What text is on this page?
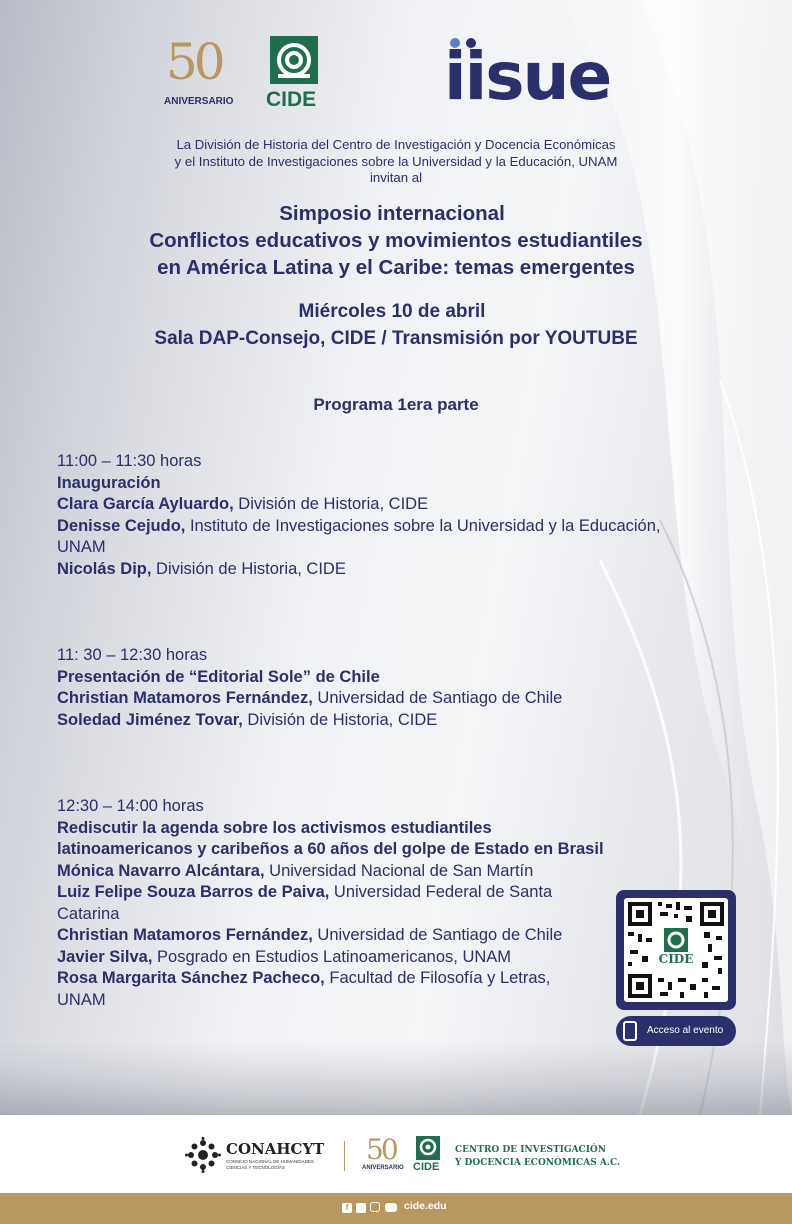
50
ANIVERSARIO CIDE iisue
La División de Historia del Centro de Investigación y Docencia Económicas
y el Instituto de Investigaciones sobre la Universidad y la Educación, UNAM
invitan al
Simposio internacional
Conflictos educativos y movimientos estudiantiles
en América Latina y el Caribe: temas emergentes
Miércoles 10 de abril
Sala DAP-Consejo, CIDE / Transmisión por YOUTUBE
Programa 1era parte
11:00 – 11:30 horas
Inauguración
Clara García Ayluardo, División de Historia, CIDE
Denisse Cejudo, Instituto de Investigaciones sobre la Universidad y la Educación, UNAM
Nicolás Dip, División de Historia, CIDE
11: 30 – 12:30 horas
Presentación de “Editorial Sole” de Chile
Christian Matamoros Fernández, Universidad de Santiago de Chile
Soledad Jiménez Tovar, División de Historia, CIDE
12:30 – 14:00 horas
Rediscutir la agenda sobre los activismos estudiantiles
latinoamericanos y caribeños a 60 años del golpe de Estado en Brasil
Mónica Navarro Alcántara, Universidad Nacional de San Martín
Luiz Felipe Souza Barros de Paiva, Universidad Federal de Santa Catarina
Christian Matamoros Fernández, Universidad de Santiago de Chile
Javier Silva, Posgrado en Estudios Latinoamericanos, UNAM
Rosa Margarita Sánchez Pacheco, Facultad de Filosofía y Letras, UNAM
CIDE
Acceso al evento
CONAHCYT
CONSEJO NACIONAL DE HUMANIDADES CIENCIAS Y TECNOLOGÍAS
50
ANIVERSARIO CIDE
CENTRO DE INVESTIGACIÓN
Y DOCENCIA ECONÓMICAS A.C.
f	cide.edu
